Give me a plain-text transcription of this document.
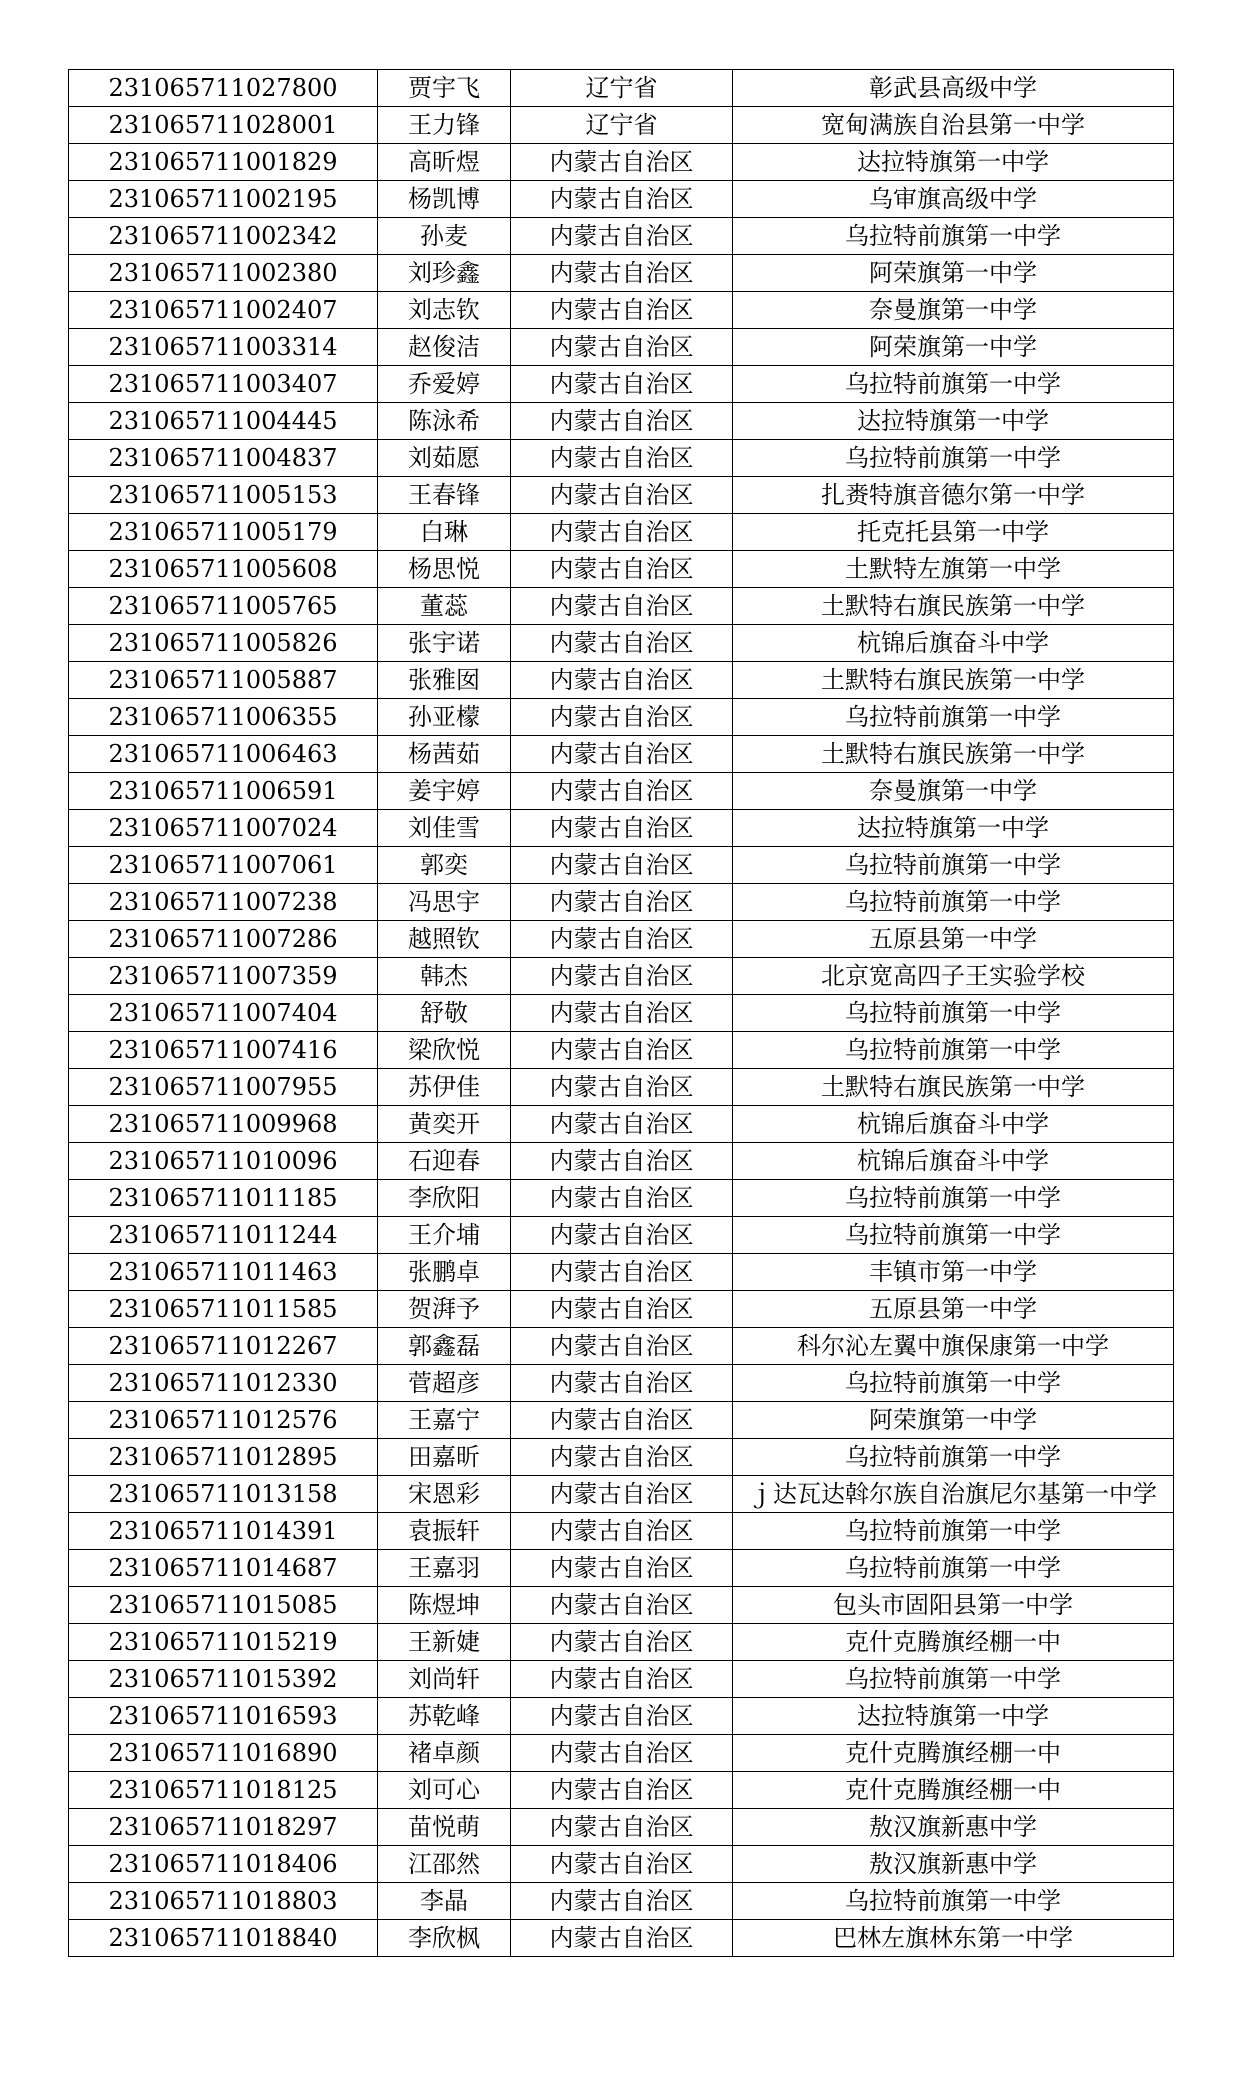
231065711027800	贾宇飞	辽宁省	彰武县高级中学
231065711028001	王力锋	辽宁省	宽甸满族自治县第一中学
231065711001829	高昕煜	内蒙古自治区	达拉特旗第一中学
231065711002195	杨凯博	内蒙古自治区	乌审旗高级中学
231065711002342	孙麦	内蒙古自治区	乌拉特前旗第一中学
231065711002380	刘珍鑫	内蒙古自治区	阿荣旗第一中学
231065711002407	刘志钦	内蒙古自治区	奈曼旗第一中学
231065711003314	赵俊洁	内蒙古自治区	阿荣旗第一中学
231065711003407	乔爱婷	内蒙古自治区	乌拉特前旗第一中学
231065711004445	陈泳希	内蒙古自治区	达拉特旗第一中学
231065711004837	刘茹愿	内蒙古自治区	乌拉特前旗第一中学
231065711005153	王春锋	内蒙古自治区	扎赉特旗音德尔第一中学
231065711005179	白琳	内蒙古自治区	托克托县第一中学
231065711005608	杨思悦	内蒙古自治区	土默特左旗第一中学
231065711005765	董蕊	内蒙古自治区	土默特右旗民族第一中学
231065711005826	张宇诺	内蒙古自治区	杭锦后旗奋斗中学
231065711005887	张雅囡	内蒙古自治区	土默特右旗民族第一中学
231065711006355	孙亚檬	内蒙古自治区	乌拉特前旗第一中学
231065711006463	杨茜茹	内蒙古自治区	土默特右旗民族第一中学
231065711006591	姜宇婷	内蒙古自治区	奈曼旗第一中学
231065711007024	刘佳雪	内蒙古自治区	达拉特旗第一中学
231065711007061	郭奕	内蒙古自治区	乌拉特前旗第一中学
231065711007238	冯思宇	内蒙古自治区	乌拉特前旗第一中学
231065711007286	越照钦	内蒙古自治区	五原县第一中学
231065711007359	韩杰	内蒙古自治区	北京宽高四子王实验学校
231065711007404	舒敬	内蒙古自治区	乌拉特前旗第一中学
231065711007416	梁欣悦	内蒙古自治区	乌拉特前旗第一中学
231065711007955	苏伊佳	内蒙古自治区	土默特右旗民族第一中学
231065711009968	黄奕开	内蒙古自治区	杭锦后旗奋斗中学
231065711010096	石迎春	内蒙古自治区	杭锦后旗奋斗中学
231065711011185	李欣阳	内蒙古自治区	乌拉特前旗第一中学
231065711011244	王介埔	内蒙古自治区	乌拉特前旗第一中学
231065711011463	张鹏卓	内蒙古自治区	丰镇市第一中学
231065711011585	贺湃予	内蒙古自治区	五原县第一中学
231065711012267	郭鑫磊	内蒙古自治区	科尔沁左翼中旗保康第一中学
231065711012330	菅超彦	内蒙古自治区	乌拉特前旗第一中学
231065711012576	王嘉宁	内蒙古自治区	阿荣旗第一中学
231065711012895	田嘉昕	内蒙古自治区	乌拉特前旗第一中学
231065711013158	宋恩彩	内蒙古自治区	ｊ达瓦达斡尔族自治旗尼尔基第一中学
231065711014391	袁振轩	内蒙古自治区	乌拉特前旗第一中学
231065711014687	王嘉羽	内蒙古自治区	乌拉特前旗第一中学
231065711015085	陈煜坤	内蒙古自治区	包头市固阳县第一中学
231065711015219	王新婕	内蒙古自治区	克什克腾旗经棚一中
231065711015392	刘尚轩	内蒙古自治区	乌拉特前旗第一中学
231065711016593	苏乾峰	内蒙古自治区	达拉特旗第一中学
231065711016890	褚卓颜	内蒙古自治区	克什克腾旗经棚一中
231065711018125	刘可心	内蒙古自治区	克什克腾旗经棚一中
231065711018297	苗悦萌	内蒙古自治区	敖汉旗新惠中学
231065711018406	江邵然	内蒙古自治区	敖汉旗新惠中学
231065711018803	李晶	内蒙古自治区	乌拉特前旗第一中学
231065711018840	李欣枫	内蒙古自治区	巴林左旗林东第一中学
